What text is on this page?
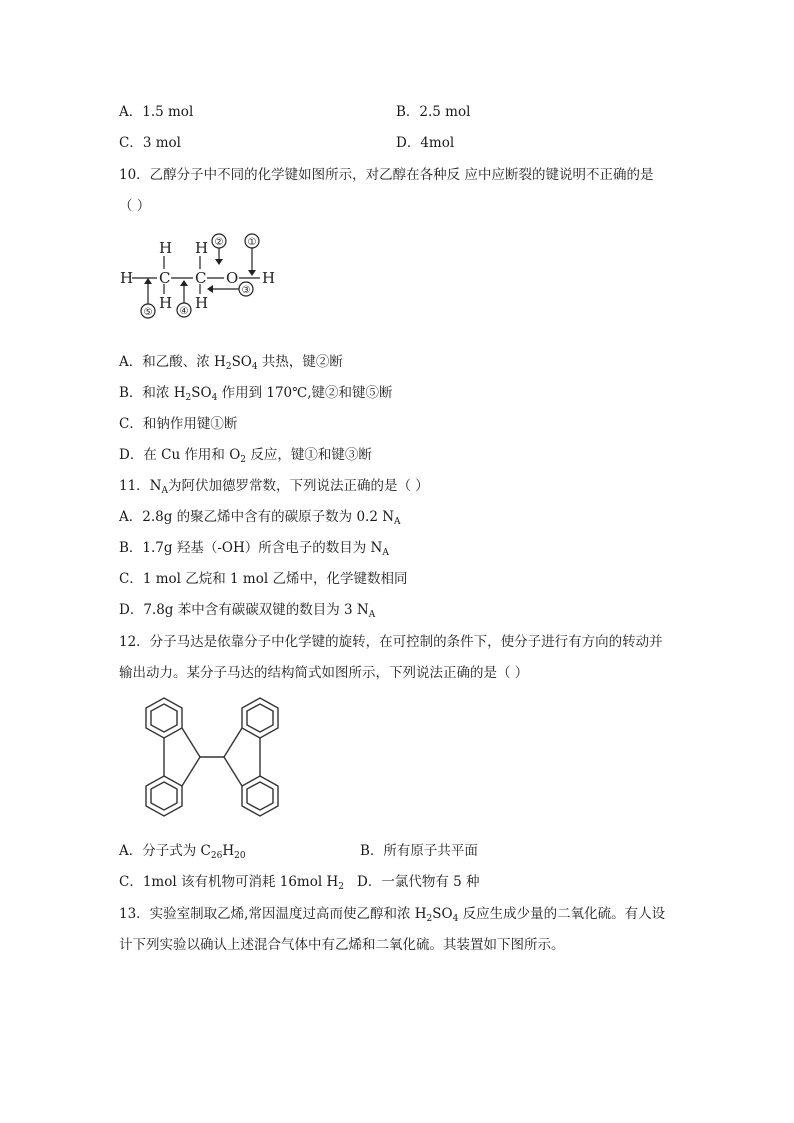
A．1.5 mol	B．2.5 mol
C．3 mol	D．4mol
10．乙醇分子中不同的化学键如图所示，对乙醇在各种反 应中应断裂的键说明不正确的是
（ ）
H
H H
C C O H
H H
①
②
③
④
⑤
A．和乙酸、浓 $H_2SO_4$ 共热，键②断
B．和浓 $H_2SO_4$ 作用到 170℃,键②和键⑤断
C．和钠作用键①断
D．在 Cu 作用和 $O_2$ 反应，键①和键③断
11．$N_A$为阿伏加德罗常数，下列说法正确的是（ ）
A．2.8g 的聚乙烯中含有的碳原子数为 0.2 $N_A$
B．1.7g 羟基（-OH）所含电子的数目为 $N_A$
C．1 mol 乙烷和 1 mol 乙烯中，化学键数相同
D．7.8g 苯中含有碳碳双键的数目为 3 $N_A$
12．分子马达是依靠分子中化学键的旋转，在可控制的条件下，使分子进行有方向的转动并
输出动力。某分子马达的结构简式如图所示，下列说法正确的是（ ）
A．分子式为 $C_{26}H_{20}$	B．所有原子共平面
C．1mol 该有机物可消耗 16mol $H_2$ D．一氯代物有 5 种
13．实验室制取乙烯,常因温度过高而使乙醇和浓 $H_2SO_4$ 反应生成少量的二氧化硫。有人设
计下列实验以确认上述混合气体中有乙烯和二氧化硫。其装置如下图所示。
